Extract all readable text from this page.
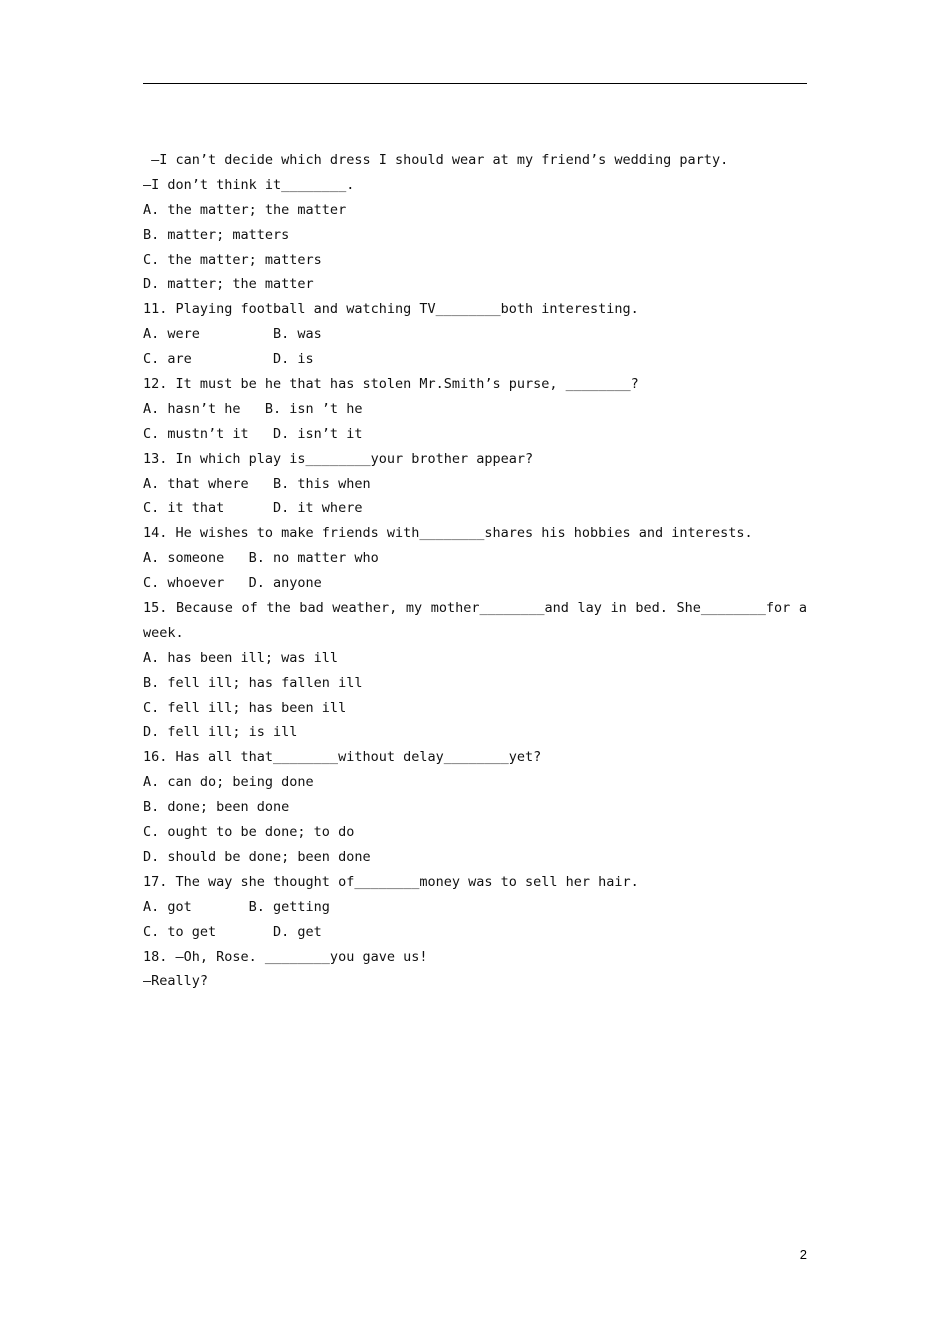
—I can’t decide which dress I should wear at my friend’s wedding party.
—I don’t think it________.
A. the matter; the matter
B. matter; matters
C. the matter; matters
D. matter; the matter
11. Playing football and watching TV________both interesting.
A. were         B. was
C. are          D. is
12. It must be he that has stolen Mr.Smith’s purse, ________?
A. hasn’t he   B. isn ’t he
C. mustn’t it   D. isn’t it
13. In which play is________your brother appear?
A. that where   B. this when
C. it that      D. it where
14. He wishes to make friends with________shares his hobbies and interests.
A. someone   B. no matter who
C. whoever   D. anyone
15. Because of the bad weather, my mother________and lay in bed. She________for a
week.
A. has been ill; was ill
B. fell ill; has fallen ill
C. fell ill; has been ill
D. fell ill; is ill
16. Has all that________without delay________yet?
A. can do; being done
B. done; been done
C. ought to be done; to do
D. should be done; been done
17. The way she thought of________money was to sell her hair.
A. got       B. getting
C. to get       D. get
18. —Oh, Rose. ________you gave us!
—Really?
2
